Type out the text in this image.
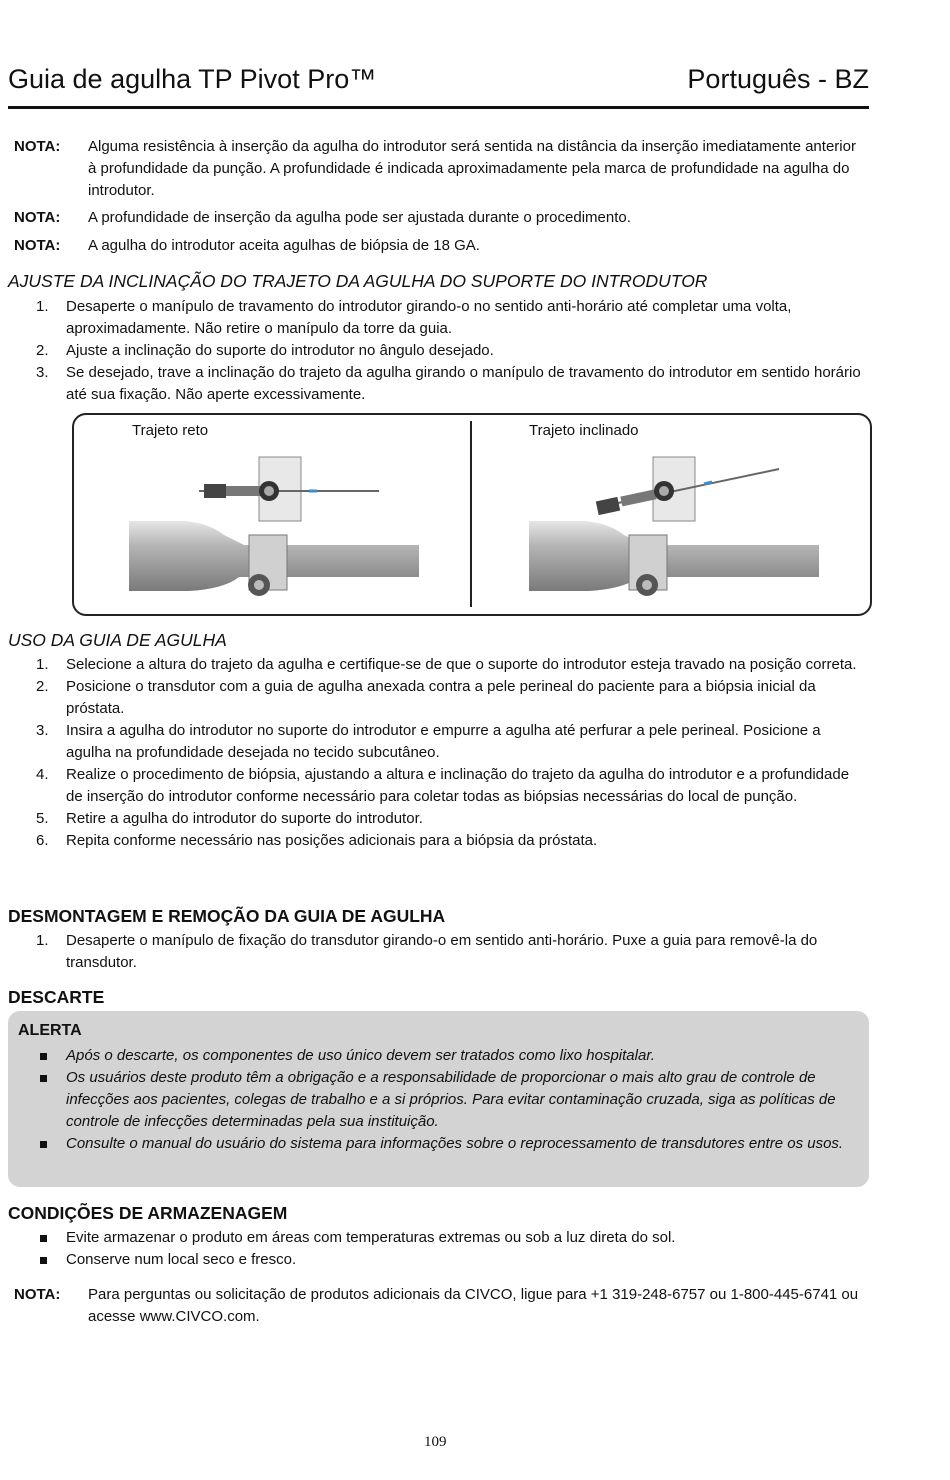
Guia de agulha TP Pivot Pro™	Português - BZ
NOTA: Alguma resistência à inserção da agulha do introdutor será sentida na distância da inserção imediatamente anterior à profundidade da punção. A profundidade é indicada aproximadamente pela marca de profundidade na agulha do introdutor.
NOTA: A profundidade de inserção da agulha pode ser ajustada durante o procedimento.
NOTA: A agulha do introdutor aceita agulhas de biópsia de 18 GA.
AJUSTE DA INCLINAÇÃO DO TRAJETO DA AGULHA DO SUPORTE DO INTRODUTOR
1. Desaperte o manípulo de travamento do introdutor girando-o no sentido anti-horário até completar uma volta, aproximadamente. Não retire o manípulo da torre da guia.
2. Ajuste a inclinação do suporte do introdutor no ângulo desejado.
3. Se desejado, trave a inclinação do trajeto da agulha girando o manípulo de travamento do introdutor em sentido horário até sua fixação. Não aperte excessivamente.
Trajeto reto	Trajeto inclinado
USO DA GUIA DE AGULHA
1. Selecione a altura do trajeto da agulha e certifique-se de que o suporte do introdutor esteja travado na posição correta.
2. Posicione o transdutor com a guia de agulha anexada contra a pele perineal do paciente para a biópsia inicial da próstata.
3. Insira a agulha do introdutor no suporte do introdutor e empurre a agulha até perfurar a pele perineal. Posicione a agulha na profundidade desejada no tecido subcutâneo.
4. Realize o procedimento de biópsia, ajustando a altura e inclinação do trajeto da agulha do introdutor e a profundidade de inserção do introdutor conforme necessário para coletar todas as biópsias necessárias do local de punção.
5. Retire a agulha do introdutor do suporte do introdutor.
6. Repita conforme necessário nas posições adicionais para a biópsia da próstata.
DESMONTAGEM E REMOÇÃO DA GUIA DE AGULHA
1. Desaperte o manípulo de fixação do transdutor girando-o em sentido anti-horário. Puxe a guia para removê-la do transdutor.
DESCARTE
ALERTA
Após o descarte, os componentes de uso único devem ser tratados como lixo hospitalar.
Os usuários deste produto têm a obrigação e a responsabilidade de proporcionar o mais alto grau de controle de infecções aos pacientes, colegas de trabalho e a si próprios. Para evitar contaminação cruzada, siga as políticas de controle de infecções determinadas pela sua instituição.
Consulte o manual do usuário do sistema para informações sobre o reprocessamento de transdutores entre os usos.
CONDIÇÕES DE ARMAZENAGEM
Evite armazenar o produto em áreas com temperaturas extremas ou sob a luz direta do sol.
Conserve num local seco e fresco.
NOTA: Para perguntas ou solicitação de produtos adicionais da CIVCO, ligue para +1 319-248-6757 ou 1-800-445-6741 ou acesse www.CIVCO.com.
109
